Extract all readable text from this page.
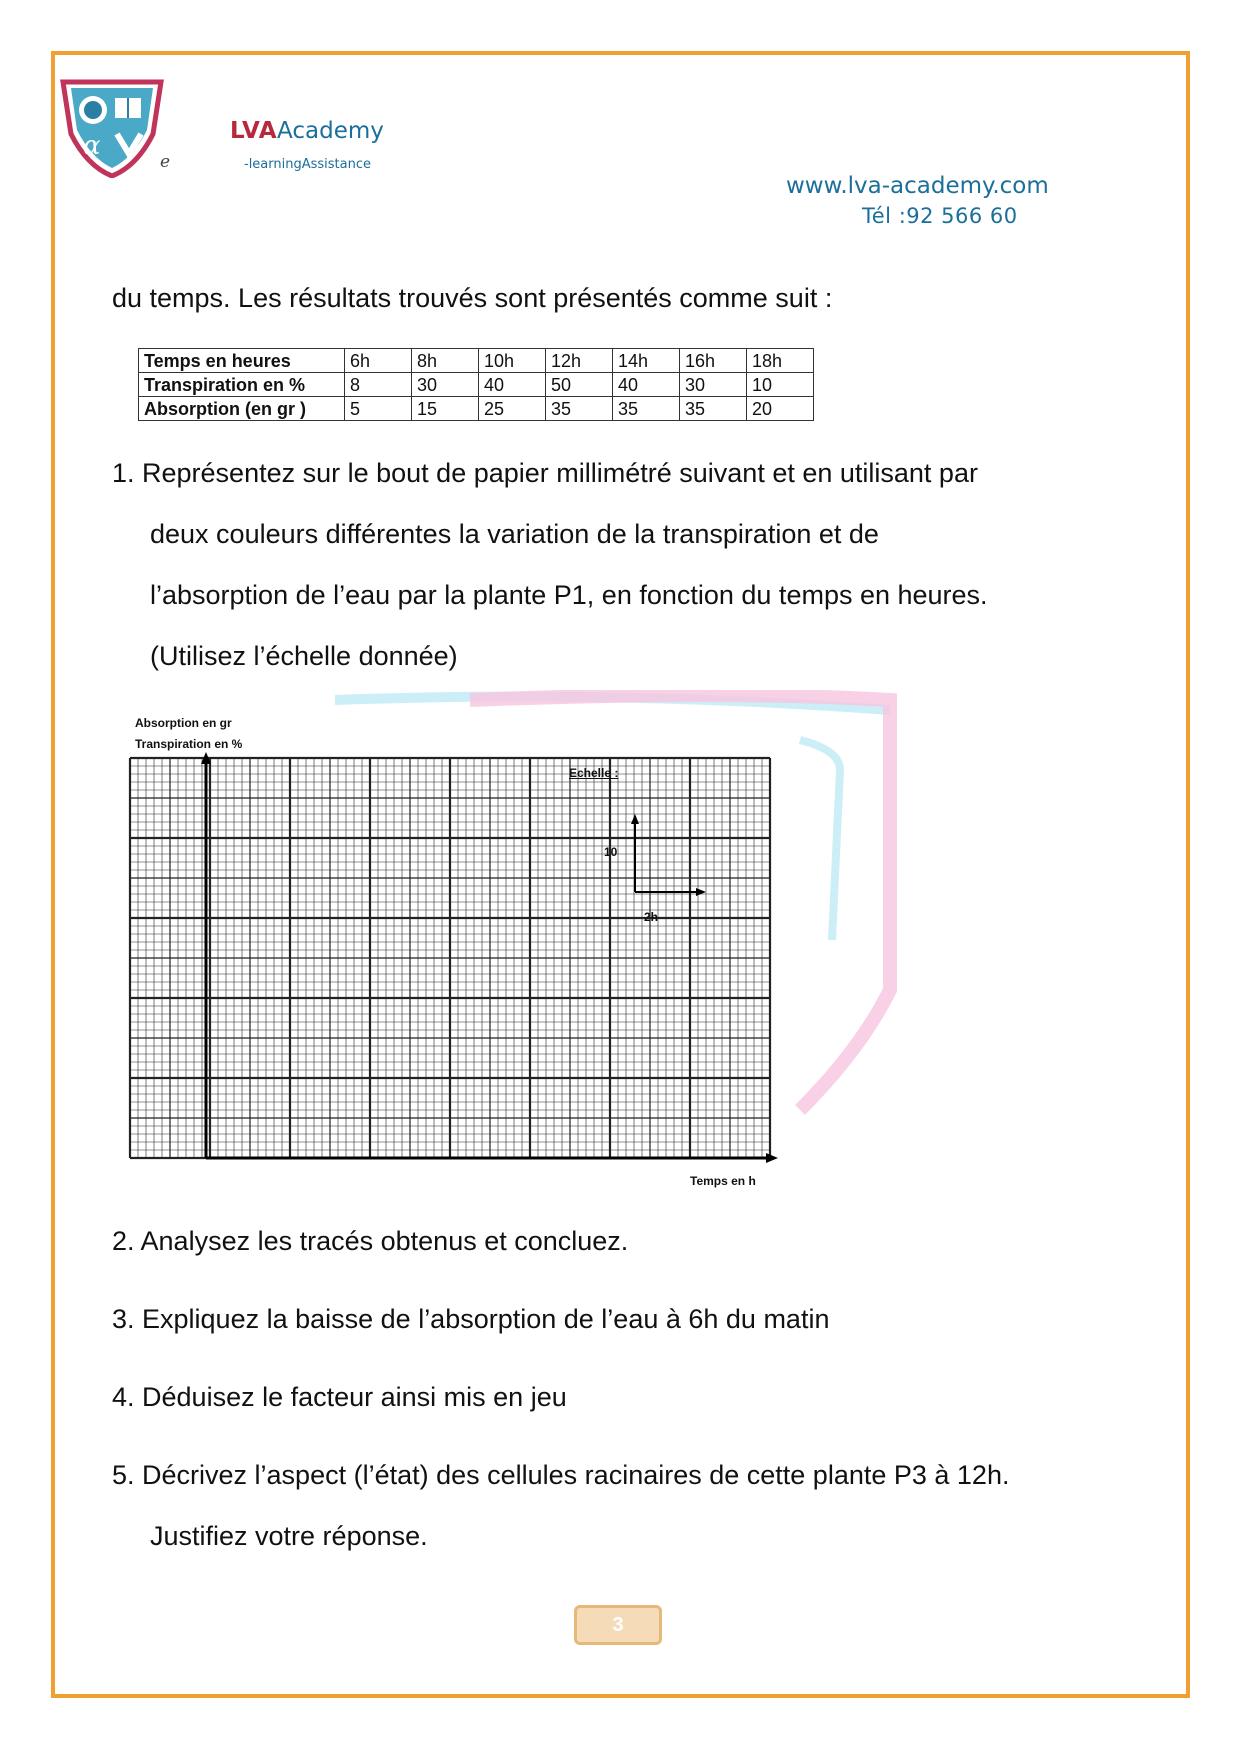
α
e
LVAAcademy
-learningAssistance
www.lva-academy.com
Tél :92 566 60
du temps. Les résultats trouvés sont présentés comme suit :
Temps en heures	6h	8h	10h	12h	14h	16h	18h
Transpiration en %	8	30	40	50	40	30	10
Absorption (en gr )	5	15	25	35	35	35	20
1. Représentez sur le bout de papier millimétré suivant et en utilisant par
deux couleurs différentes la variation de la transpiration et de
l’absorption de l’eau par la plante P1, en fonction du temps en heures.
(Utilisez l’échelle donnée)
Absorption en gr
Transpiration en %
Echelle :
10
2h
Temps en h
2. Analysez les tracés obtenus et concluez.
3. Expliquez la baisse de l’absorption de l’eau à 6h du matin
4. Déduisez le facteur ainsi mis en jeu
5. Décrivez l’aspect (l’état) des cellules racinaires de cette plante P3 à 12h.
Justifiez votre réponse.
3
